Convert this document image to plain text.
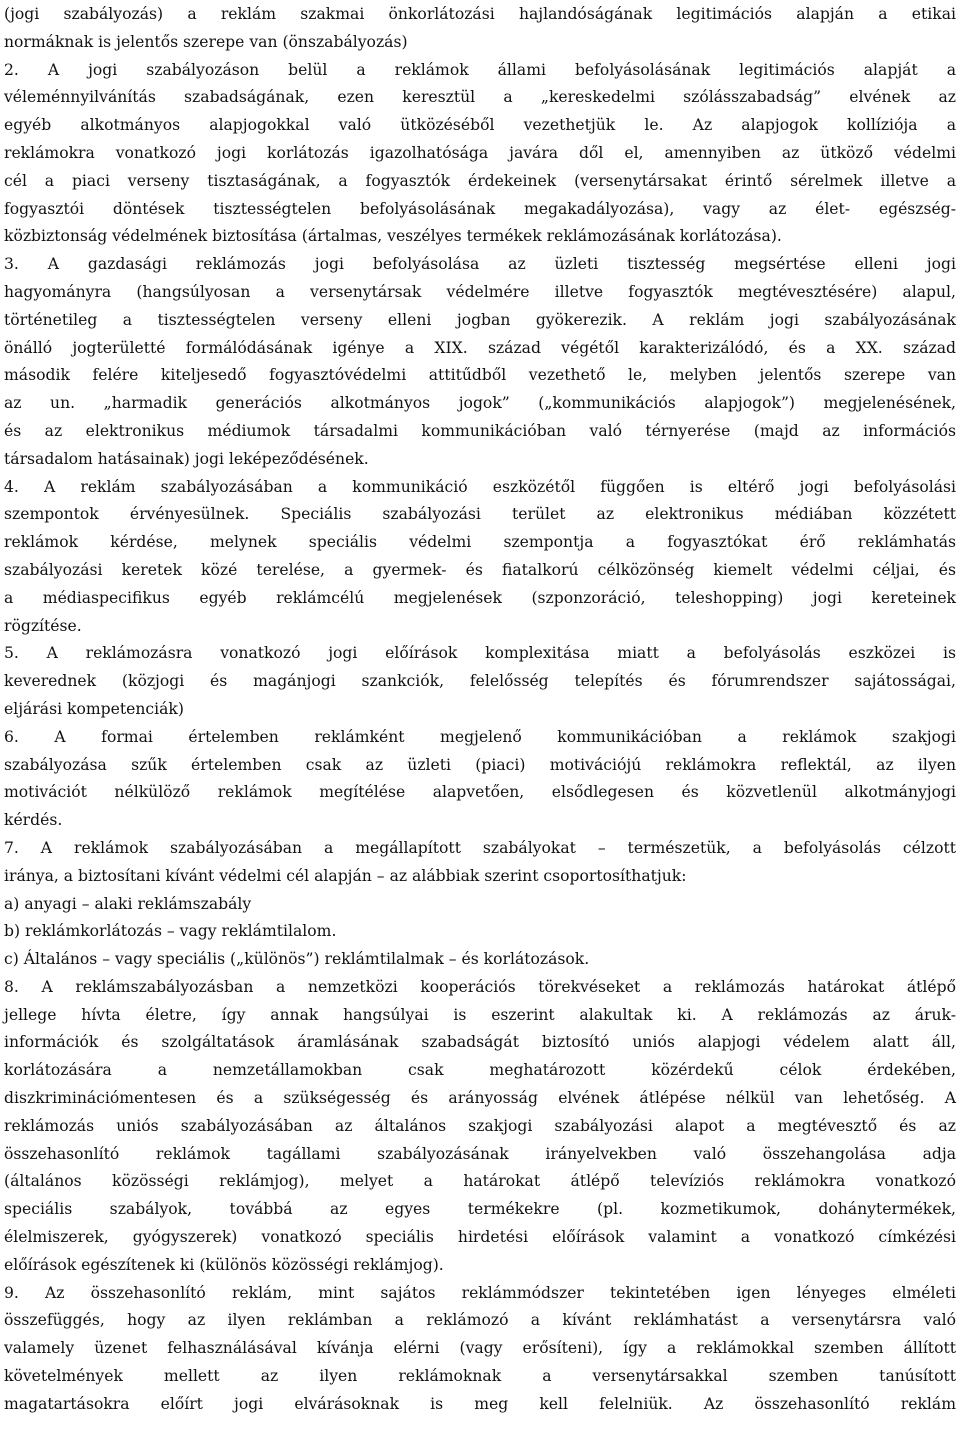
(jogi szabályozás) a reklám szakmai önkorlátozási hajlandóságának legitimációs alapján a etikai
normáknak is jelentős szerepe van (önszabályozás)
2. A jogi szabályozáson belül a reklámok állami befolyásolásának legitimációs alapját a
véleménnyilvánítás szabadságának, ezen keresztül a „kereskedelmi szólásszabadság” elvének az
egyéb alkotmányos alapjogokkal való ütközéséből vezethetjük le. Az alapjogok kollíziója a
reklámokra vonatkozó jogi korlátozás igazolhatósága javára dől el, amennyiben az ütköző védelmi
cél a piaci verseny tisztaságának, a fogyasztók érdekeinek (versenytársakat érintő sérelmek illetve a
fogyasztói döntések tisztességtelen befolyásolásának megakadályozása), vagy az élet- egészség-
közbiztonság védelmének biztosítása (ártalmas, veszélyes termékek reklámozásának korlátozása).
3. A gazdasági reklámozás jogi befolyásolása az üzleti tisztesség megsértése elleni jogi
hagyományra (hangsúlyosan a versenytársak védelmére illetve fogyasztók megtévesztésére) alapul,
történetileg a tisztességtelen verseny elleni jogban gyökerezik. A reklám jogi szabályozásának
önálló jogterületté formálódásának igénye a XIX. század végétől karakterizálódó, és a XX. század
második felére kiteljesedő fogyasztóvédelmi attitűdből vezethető le, melyben jelentős szerepe van
az un. „harmadik generációs alkotmányos jogok” („kommunikációs alapjogok”) megjelenésének,
és az elektronikus médiumok társadalmi kommunikációban való térnyerése (majd az információs
társadalom hatásainak) jogi leképeződésének.
4. A reklám szabályozásában a kommunikáció eszközétől függően is eltérő jogi befolyásolási
szempontok érvényesülnek. Speciális szabályozási terület az elektronikus médiában közzétett
reklámok kérdése, melynek speciális védelmi szempontja a fogyasztókat érő reklámhatás
szabályozási keretek közé terelése, a gyermek- és fiatalkorú célközönség kiemelt védelmi céljai, és
a médiaspecifikus egyéb reklámcélú megjelenések (szponzoráció, teleshopping) jogi kereteinek
rögzítése.
5. A reklámozásra vonatkozó jogi előírások komplexitása miatt a befolyásolás eszközei is
keverednek (közjogi és magánjogi szankciók, felelősség telepítés és fórumrendszer sajátosságai,
eljárási kompetenciák)
6. A formai értelemben reklámként megjelenő kommunikációban a reklámok szakjogi
szabályozása szűk értelemben csak az üzleti (piaci) motivációjú reklámokra reflektál, az ilyen
motivációt nélkülöző reklámok megítélése alapvetően, elsődlegesen és közvetlenül alkotmányjogi
kérdés.
7. A reklámok szabályozásában a megállapított szabályokat – természetük, a befolyásolás célzott
iránya, a biztosítani kívánt védelmi cél alapján – az alábbiak szerint csoportosíthatjuk:
a) anyagi – alaki reklámszabály
b) reklámkorlátozás – vagy reklámtilalom.
c) Általános – vagy speciális („különös”) reklámtilalmak – és korlátozások.
8. A reklámszabályozásban a nemzetközi kooperációs törekvéseket a reklámozás határokat átlépő
jellege hívta életre, így annak hangsúlyai is eszerint alakultak ki. A reklámozás az áruk-
információk és szolgáltatások áramlásának szabadságát biztosító uniós alapjogi védelem alatt áll,
korlátozására a nemzetállamokban csak meghatározott közérdekű célok érdekében,
diszkriminációmentesen és a szükségesség és arányosság elvének átlépése nélkül van lehetőség. A
reklámozás uniós szabályozásában az általános szakjogi szabályozási alapot a megtévesztő és az
összehasonlító reklámok tagállami szabályozásának irányelvekben való összehangolása adja
(általános közösségi reklámjog), melyet a határokat átlépő televíziós reklámokra vonatkozó
speciális szabályok, továbbá az egyes termékekre (pl. kozmetikumok, dohánytermékek,
élelmiszerek, gyógyszerek) vonatkozó speciális hirdetési előírások valamint a vonatkozó címkézési
előírások egészítenek ki (különös közösségi reklámjog).
9. Az összehasonlító reklám, mint sajátos reklámmódszer tekintetében igen lényeges elméleti
összefüggés, hogy az ilyen reklámban a reklámozó a kívánt reklámhatást a versenytársra való
valamely üzenet felhasználásával kívánja elérni (vagy erősíteni), így a reklámokkal szemben állított
követelmények mellett az ilyen reklámoknak a versenytársakkal szemben tanúsított
magatartásokra előírt jogi elvárásoknak is meg kell felelniük. Az összehasonlító reklám
